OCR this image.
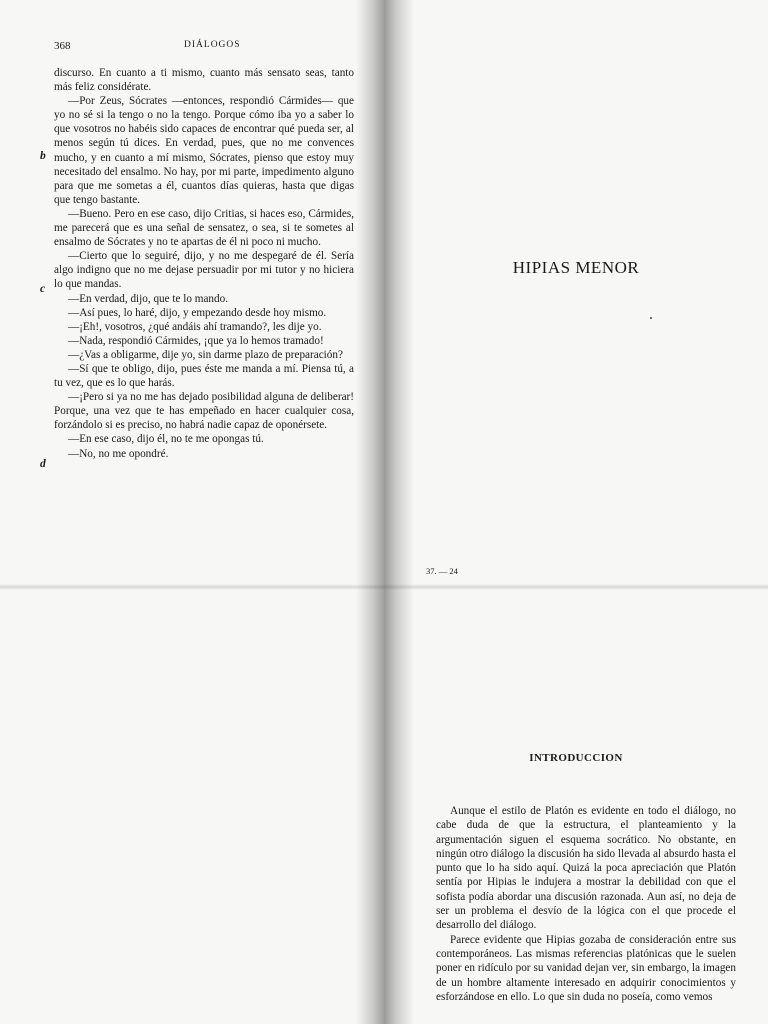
368	DIÁLOGOS

discurso. En cuanto a ti mismo, cuanto más sensato seas, tanto más feliz considérate.

—Por Zeus, Sócrates —entonces, respondió Cármides— que yo no sé si la tengo o no la tengo. Porque cómo iba yo a saber lo que vosotros no habéis sido capaces de encontrar qué pueda ser, al menos según tú dices. En verdad, pues, que no me convences mucho, y en cuanto a mí mismo, Sócrates, pienso que estoy muy necesitado del ensalmo. No hay, por mi parte, impedimento alguno para que me sometas a él, cuantos días quieras, hasta que digas que tengo bastante.

—Bueno. Pero en ese caso, dijo Critias, si haces eso, Cármides, me parecerá que es una señal de sensatez, o sea, si te sometes al ensalmo de Sócrates y no te apartas de él ni poco ni mucho.

—Cierto que lo seguiré, dijo, y no me despegaré de él. Sería algo indigno que no me dejase persuadir por mi tutor y no hiciera lo que mandas.

—En verdad, dijo, que te lo mando.

—Así pues, lo haré, dijo, y empezando desde hoy mismo.

—¡Eh!, vosotros, ¿qué andáis ahí tramando?, les dije yo.

—Nada, respondió Cármides, ¡que ya lo hemos tramado!

—¿Vas a obligarme, dije yo, sin darme plazo de preparación?

—Sí que te obligo, dijo, pues éste me manda a mí. Piensa tú, a tu vez, que es lo que harás.

—¡Pero si ya no me has dejado posibilidad alguna de deliberar! Porque, una vez que te has empeñado en hacer cualquier cosa, forzándolo si es preciso, no habrá nadie capaz de oponérsete.

—En ese caso, dijo él, no te me opongas tú.

—No, no me opondré.

b
c
d
HIPIAS MENOR
37. — 24
INTRODUCCION

Aunque el estilo de Platón es evidente en todo el diálogo, no cabe duda de que la estructura, el planteamiento y la argumentación siguen el esquema socrático. No obstante, en ningún otro diálogo la discusión ha sido llevada al absurdo hasta el punto que lo ha sido aquí. Quizá la poca apreciación que Platón sentía por Hipias le indujera a mostrar la debilidad con que el sofista podía abordar una discusión razonada. Aun así, no deja de ser un problema el desvío de la lógica con el que procede el desarrollo del diálogo.

Parece evidente que Hipias gozaba de consideración entre sus contemporáneos. Las mismas referencias platónicas que le suelen poner en ridículo por su vanidad dejan ver, sin embargo, la imagen de un hombre altamente interesado en adquirir conocimientos y esforzándose en ello. Lo que sin duda no poseía, como vemos
